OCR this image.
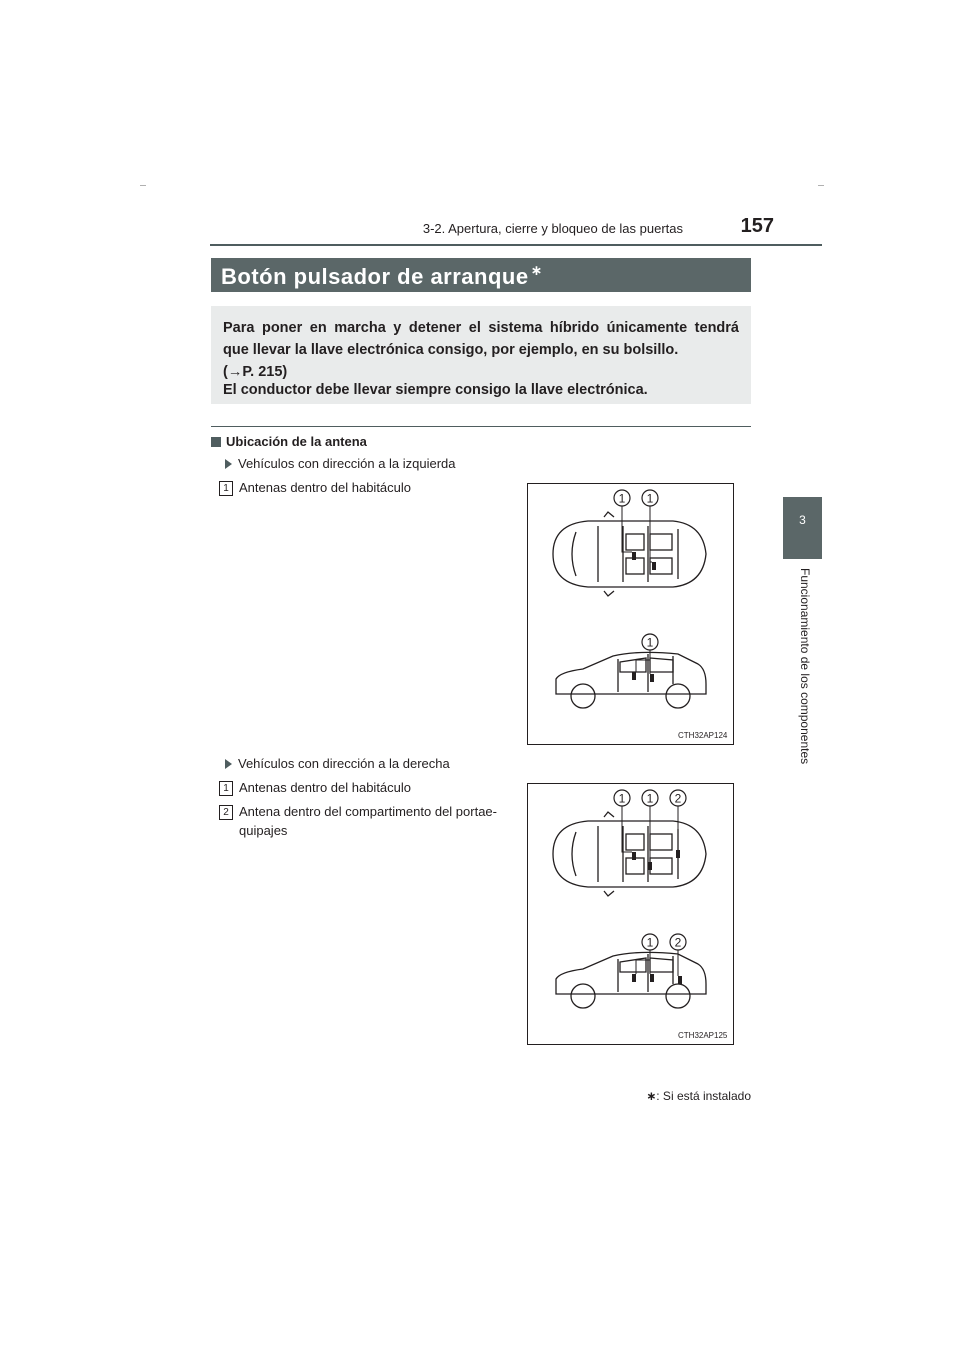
3-2. Apertura, cierre y bloqueo de las puertas	157
3
Funcionamiento de los componentes
Botón pulsador de arranque ∗

Para poner en marcha y detener el sistema híbrido únicamente tendrá

que llevar la llave electrónica consigo, por ejemplo, en su bolsillo.

(→P. 215)

El conductor debe llevar siempre consigo la llave electrónica.

Ubicación de la antena
Vehículos con dirección a la izquierda
1 Antenas dentro del habitáculo
1 1
1
CTH32AP124
Vehículos con dirección a la derecha
1 Antenas dentro del habitáculo
2 Antena dentro del compartimento del portae-
quipajes
1 1 2
1 2
CTH32AP125
∗: Si está instalado
